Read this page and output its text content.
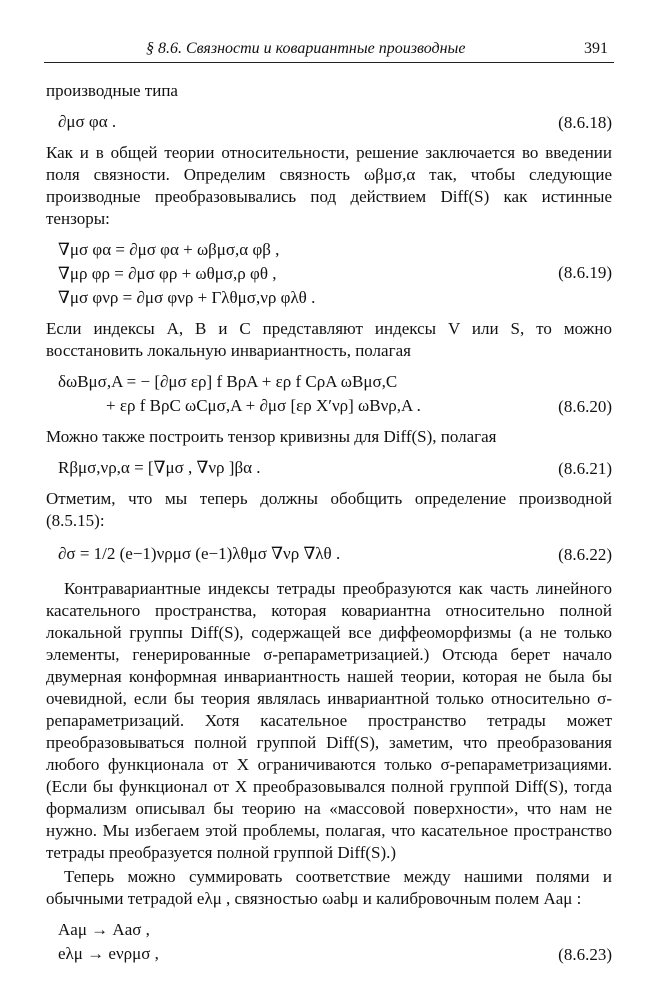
§ 8.6. Связности и ковариантные производные	391

производные типа

∂μσ φα .	(8.6.18)

Как и в общей теории относительности, решение заключается во введении поля связности. Определим связность ωβμσ,α так, чтобы следующие производные преобразовывались под действием Diff(S) как истинные тензоры:

∇μσ φα = ∂μσ φα + ωβμσ,α φβ ,
∇μρ φρ = ∂μσ φρ + ωθμσ,ρ φθ ,
∇μσ φνρ = ∂μσ φνρ + Γλθμσ,νρ φλθ .
(8.6.19)

Если индексы A, B и C представляют индексы V или S, то можно восстановить локальную инвариантность, полагая

δωBμσ,A = − [∂μσ ερ] f BρA + ερ f CρA ωBμσ,C
+ ερ f BρC ωCμσ,A + ∂μσ [ερ X′νρ] ωBνρ,A .	(8.6.20)

Можно также построить тензор кривизны для Diff(S), полагая

Rβμσ,νρ,α = [∇μσ , ∇νρ ]βα .	(8.6.21)

Отметим, что мы теперь должны обобщить определение производной (8.5.15):

∂σ = 1/2 (e−1)νρμσ (e−1)λθμσ ∇νρ ∇λθ .	(8.6.22)

Контравариантные индексы тетрады преобразуются как часть линейного касательного пространства, которая ковариантна относительно полной локальной группы Diff(S), содержащей все диффеоморфизмы (а не только элементы, генерированные σ-репараметризацией.) Отсюда берет начало двумерная конформная инвариантность нашей теории, которая не была бы очевидной, если бы теория являлась инвариантной только относительно σ-репараметризаций. Хотя касательное пространство тетрады может преобразовываться полной группой Diff(S), заметим, что преобразования любого функционала от X ограничиваются только σ-репараметризациями. (Если бы функционал от X преобразовывался полной группой Diff(S), тогда формализм описывал бы теорию на «массовой поверхности», что нам не нужно. Мы избегаем этой проблемы, полагая, что касательное пространство тетрады преобразуется полной группой Diff(S).)

Теперь можно суммировать соответствие между нашими полями и обычными тетрадой eλμ , связностью ωabμ и калибровочным полем Aaμ :

Aaμ → Aaσ ,
eλμ → eνρμσ ,	(8.6.23)
